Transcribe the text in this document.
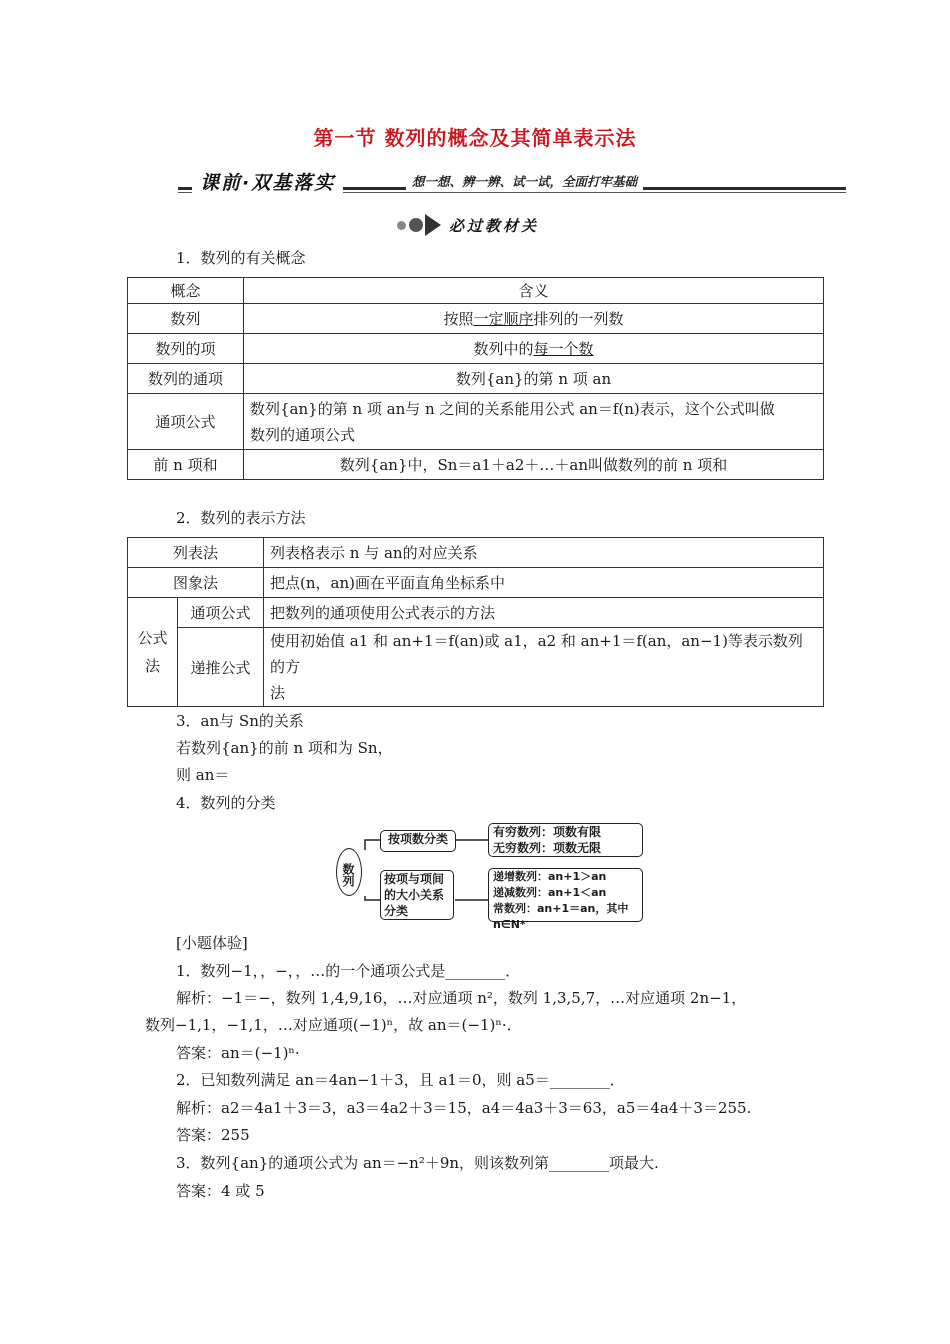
第一节 数列的概念及其简单表示法
课前·双基落实	想一想、辨一辨、试一试，全面打牢基础
必过教材关
1．数列的有关概念
概念	含义
数列	按照一定顺序排列的一列数
数列的项	数列中的每一个数
数列的通项	数列{an}的第 n 项 an
通项公式	数列{an}的第 n 项 an与 n 之间的关系能用公式 an＝f(n)表示，这个公式叫做
数列的通项公式
前 n 项和	数列{an}中，Sn＝a1＋a2＋…＋an叫做数列的前 n 项和
2．数列的表示方法
列表法		列表格表示 n 与 an的对应关系
图象法		把点(n，an)画在平面直角坐标系中
公式法	通项公式	把数列的通项使用公式表示的方法
	递推公式	使用初始值 a1 和 an+1＝f(an)或 a1，a2 和 an+1＝f(an，an−1)等表示数列的方
法
3．an与 Sn的关系
若数列{an}的前 n 项和为 Sn，
则 an＝
4．数列的分类
数列
按项数分类	有穷数列：项数有限
无穷数列：项数无限
按项与项间的大小关系分类
递增数列：an+1＞an
递减数列：an+1＜an
常数列：an+1＝an，其中 n∈N*
[小题体验]
1．数列−1，，−，，…的一个通项公式是________．
解析：−1＝−，数列 1,4,9,16，…对应通项 n²，数列 1,3,5,7，…对应通项 2n−1，
数列−1,1，−1,1，…对应通项(−1)ⁿ，故 an＝(−1)ⁿ·．
答案：an＝(−1)ⁿ·
2．已知数列满足 an＝4an−1＋3，且 a1＝0，则 a5＝________．
解析：a2＝4a1＋3＝3，a3＝4a2＋3＝15，a4＝4a3＋3＝63，a5＝4a4＋3＝255.
答案：255
3．数列{an}的通项公式为 an＝−n²＋9n，则该数列第________项最大.
答案：4 或 5
